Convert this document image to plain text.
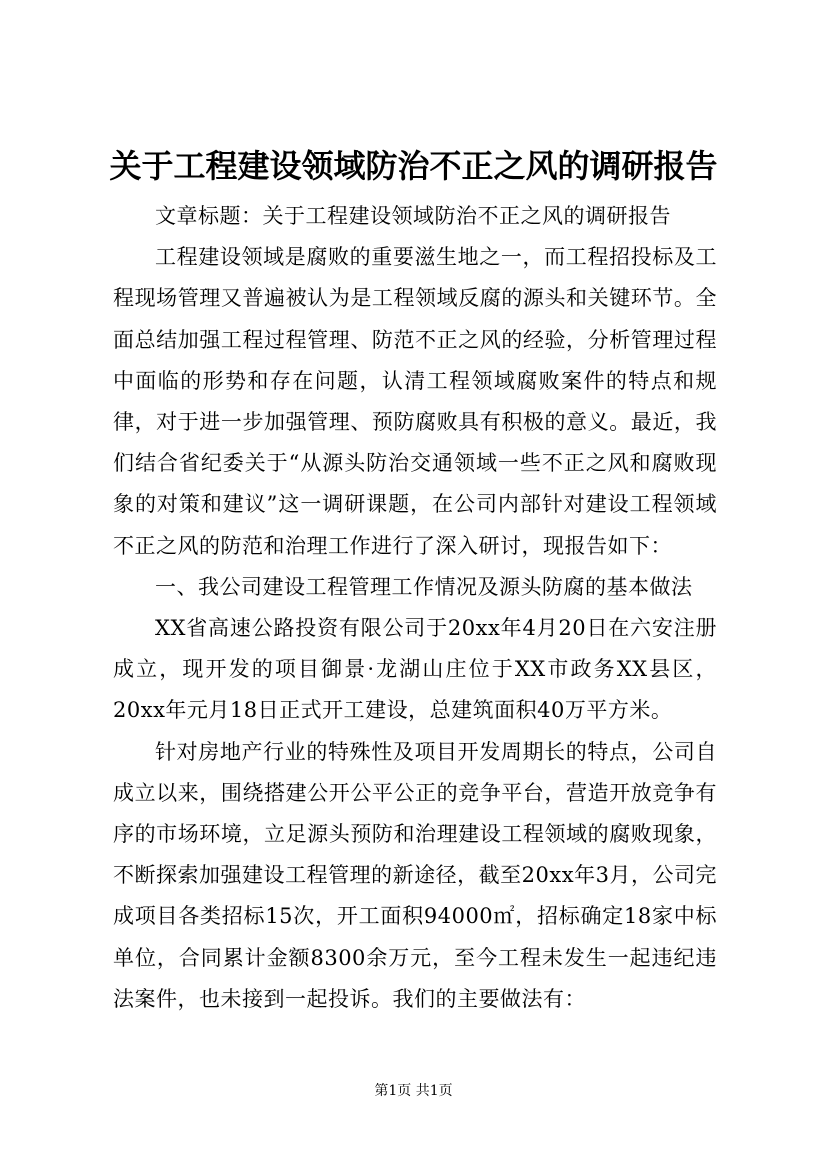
关于工程建设领域防治不正之风的调研报告

文章标题：关于工程建设领域防治不正之风的调研报告

工程建设领域是腐败的重要滋生地之一，而工程招投标及工程现场管理又普遍被认为是工程领域反腐的源头和关键环节。全面总结加强工程过程管理、防范不正之风的经验，分析管理过程中面临的形势和存在问题，认清工程领域腐败案件的特点和规律，对于进一步加强管理、预防腐败具有积极的意义。最近，我们结合省纪委关于“从源头防治交通领域一些不正之风和腐败现象的对策和建议”这一调研课题，在公司内部针对建设工程领域不正之风的防范和治理工作进行了深入研讨，现报告如下：

一、我公司建设工程管理工作情况及源头防腐的基本做法

XX省高速公路投资有限公司于20xx年4月20日在六安注册成立，现开发的项目御景·龙湖山庄位于XX市政务XX县区，20xx年元月18日正式开工建设，总建筑面积40万平方米。

针对房地产行业的特殊性及项目开发周期长的特点，公司自成立以来，围绕搭建公开公平公正的竞争平台，营造开放竞争有序的市场环境，立足源头预防和治理建设工程领域的腐败现象，不断探索加强建设工程管理的新途径，截至20xx年3月，公司完成项目各类招标15次，开工面积94000㎡，招标确定18家中标单位，合同累计金额8300余万元，至今工程未发生一起违纪违法案件，也未接到一起投诉。我们的主要做法有：

第1页 共1页
